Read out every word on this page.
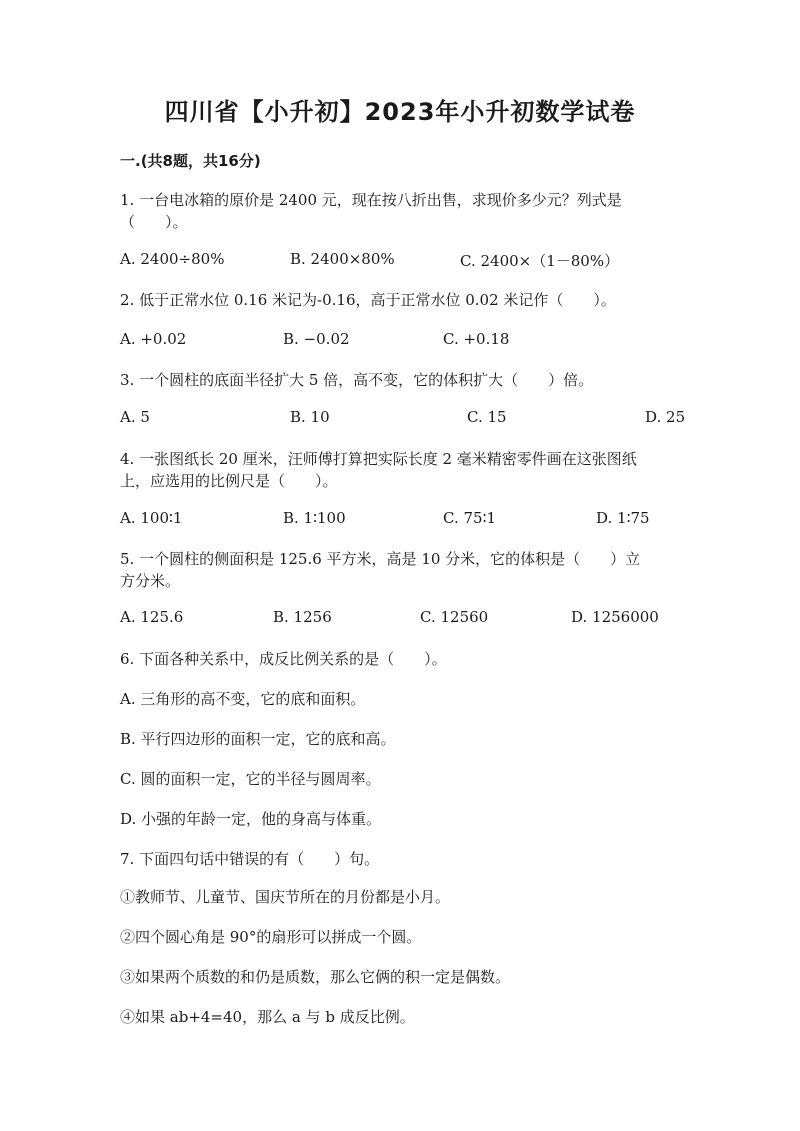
四川省【小升初】2023年小升初数学试卷
一.(共8题，共16分)
1. 一台电冰箱的原价是 2400 元，现在按八折出售，求现价多少元？列式是
（　　）。
A. 2400÷80%	B. 2400×80%	C. 2400×（1－80%）
2. 低于正常水位 0.16 米记为-0.16，高于正常水位 0.02 米记作（　　）。
A. +0.02	B. −0.02	C. +0.18
3. 一个圆柱的底面半径扩大 5 倍，高不变，它的体积扩大（　　）倍。
A. 5	B. 10	C. 15	D. 25
4. 一张图纸长 20 厘米，汪师傅打算把实际长度 2 毫米精密零件画在这张图纸
上，应选用的比例尺是（　　）。
A. 100∶1	B. 1∶100	C. 75∶1	D. 1∶75
5. 一个圆柱的侧面积是 125.6 平方米，高是 10 分米，它的体积是（　　）立
方分米。
A. 125.6	B. 1256	C. 12560	D. 1256000
6. 下面各种关系中，成反比例关系的是（　　）。
A. 三角形的高不变，它的底和面积。
B. 平行四边形的面积一定，它的底和高。
C. 圆的面积一定，它的半径与圆周率。
D. 小强的年龄一定，他的身高与体重。
7. 下面四句话中错误的有（　　）句。
①教师节、儿童节、国庆节所在的月份都是小月。
②四个圆心角是 90°的扇形可以拼成一个圆。
③如果两个质数的和仍是质数，那么它俩的积一定是偶数。
④如果 ab+4=40，那么 a 与 b 成反比例。
